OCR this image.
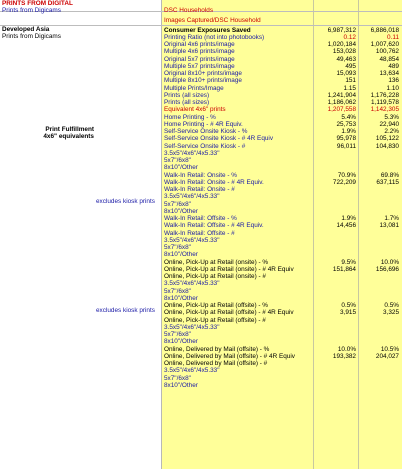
PRINTS FROM DIGITAL
Prints from Digicams	DSC Households
Images Captured/DSC Household
Developed Asia
Prints from Digicams
Print Fulfillment
4x6" equivalents
excludes kiosk prints
excludes kiosk prints
Consumer Exposures Saved	6,987,312 6,886,018
Printing Ratio (not into photobooks)	0.12	0.11
Original 4x6 prints/image	1,020,184 1,007,620
Multiple 4x6 prints/image	153,028	100,762
Original 5x7 prints/image	49,463	48,854
Multiple 5x7 prints/image	495	489
Original 8x10+ prints/image	15,093	13,634
Multiple 8x10+ prints/image	151	136
Multiple Prints/Image	1.15	1.10
Prints (all sizes)	1,241,904 1,176,228
Prints (all sizes)	1,186,062 1,119,578
Equivalent 4x6" prints	1,207,558 1,142,305
Home Printing - %	5.4%	5.3%
Home Printing - # 4R Equiv.	25,753	22,940
Self-Service Onsite Kiosk - %	1.9%	2.2%
Self-Service Onsite Kiosk - # 4R Equiv	95,978	105,122
Self-Service Onsite Kiosk - #	96,011	104,830
3.5x5"/4x6"/4x5.33"
5x7"/6x8"
8x10"/Other
Walk-In Retail: Onsite - %	70.9%	69.8%
Walk-In Retail: Onsite - # 4R Equiv.	722,209	637,115
Walk-In Retail: Onsite - #
3.5x5"/4x6"/4x5.33"
5x7"/6x8"
8x10"/Other
Walk-In Retail: Offsite - %	1.9%	1.7%
Walk-In Retail: Offsite - # 4R Equiv.	14,456	13,081
Walk-In Retail: Offsite - #
3.5x5"/4x6"/4x5.33"
5x7"/6x8"
8x10"/Other
Online, Pick-Up at Retail (onsite) - %	9.5%	10.0%
Online, Pick-Up at Retail (onsite) - # 4R Equiv	151,864	156,696
Online, Pick-Up at Retail (onsite) - #
3.5x5"/4x6"/4x5.33"
5x7"/6x8"
8x10"/Other
Online, Pick-Up at Retail (offsite) - %	0.5%	0.5%
Online, Pick-Up at Retail (offsite) - # 4R Equiv	3,915	3,325
Online, Pick-Up at Retail (offsite) - #
3.5x5"/4x6"/4x5.33"
5x7"/6x8"
8x10"/Other
Online, Delivered by Mail (offsite) - %	10.0%	10.5%
Online, Delivered by Mail (offsite) - # 4R Equiv	193,382	204,027
Online, Delivered by Mail (offsite) - #
3.5x5"/4x6"/4x5.33"
5x7"/6x8"
8x10"/Other
